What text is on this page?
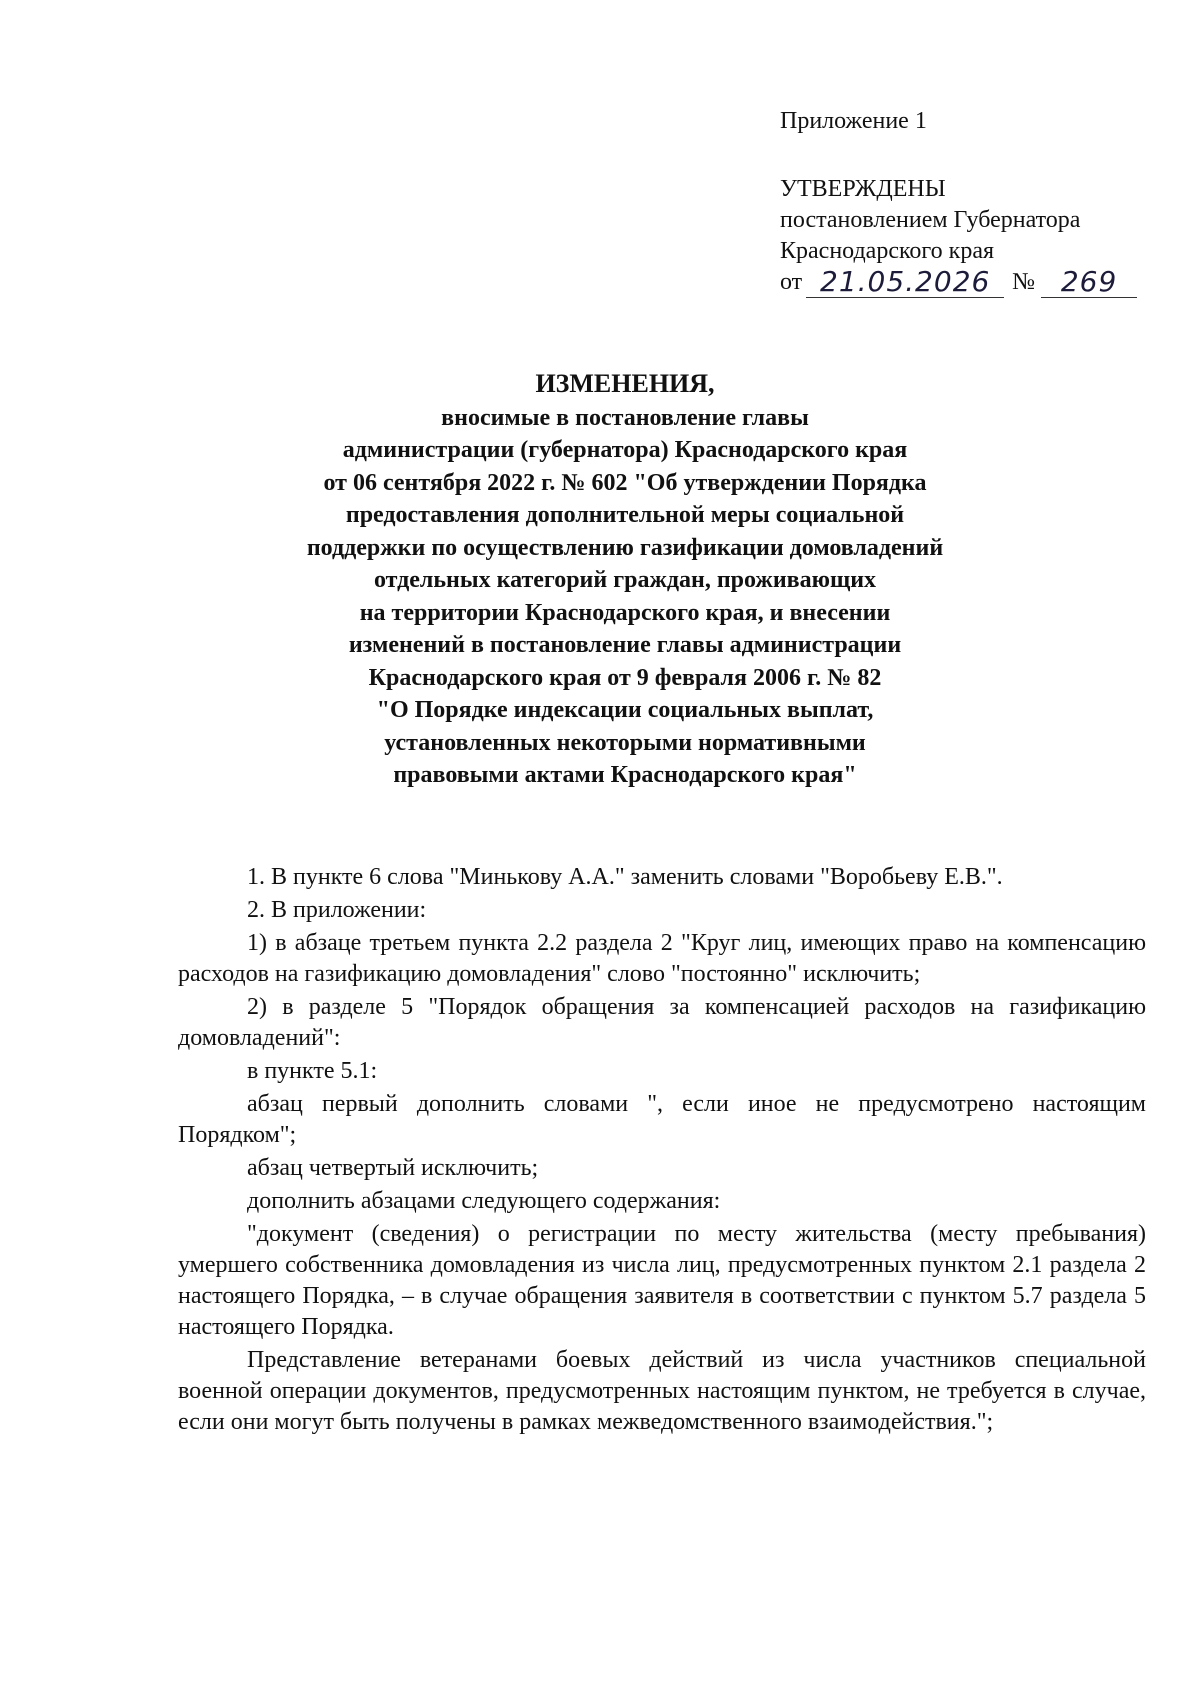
Приложение 1
УТВЕРЖДЕНЫ
постановлением Губернатора
Краснодарского края
от 21.05.2026 № 269
ИЗМЕНЕНИЯ,
вносимые в постановление главы
администрации (губернатора) Краснодарского края
от 06 сентября 2022 г. № 602 "Об утверждении Порядка
предоставления дополнительной меры социальной
поддержки по осуществлению газификации домовладений
отдельных категорий граждан, проживающих
на территории Краснодарского края, и внесении
изменений в постановление главы администрации
Краснодарского края от 9 февраля 2006 г. № 82
"О Порядке индексации социальных выплат,
установленных некоторыми нормативными
правовыми актами Краснодарского края"

1. В пункте 6 слова "Минькову А.А." заменить словами "Воробьеву Е.В.".

2. В приложении:

1) в абзаце третьем пункта 2.2 раздела 2 "Круг лиц, имеющих право на компенсацию расходов на газификацию домовладения" слово "постоянно" исключить;

2) в разделе 5 "Порядок обращения за компенсацией расходов на газификацию домовладений":

в пункте 5.1:

абзац первый дополнить словами ", если иное не предусмотрено настоящим Порядком";

абзац четвертый исключить;

дополнить абзацами следующего содержания:

"документ (сведения) о регистрации по месту жительства (месту пребывания) умершего собственника домовладения из числа лиц, предусмотренных пунктом 2.1 раздела 2 настоящего Порядка, – в случае обращения заявителя в соответствии с пунктом 5.7 раздела 5 настоящего Порядка.

Представление ветеранами боевых действий из числа участников специальной военной операции документов, предусмотренных настоящим пунктом, не требуется в случае, если они могут быть получены в рамках межведомственного взаимодействия.";
